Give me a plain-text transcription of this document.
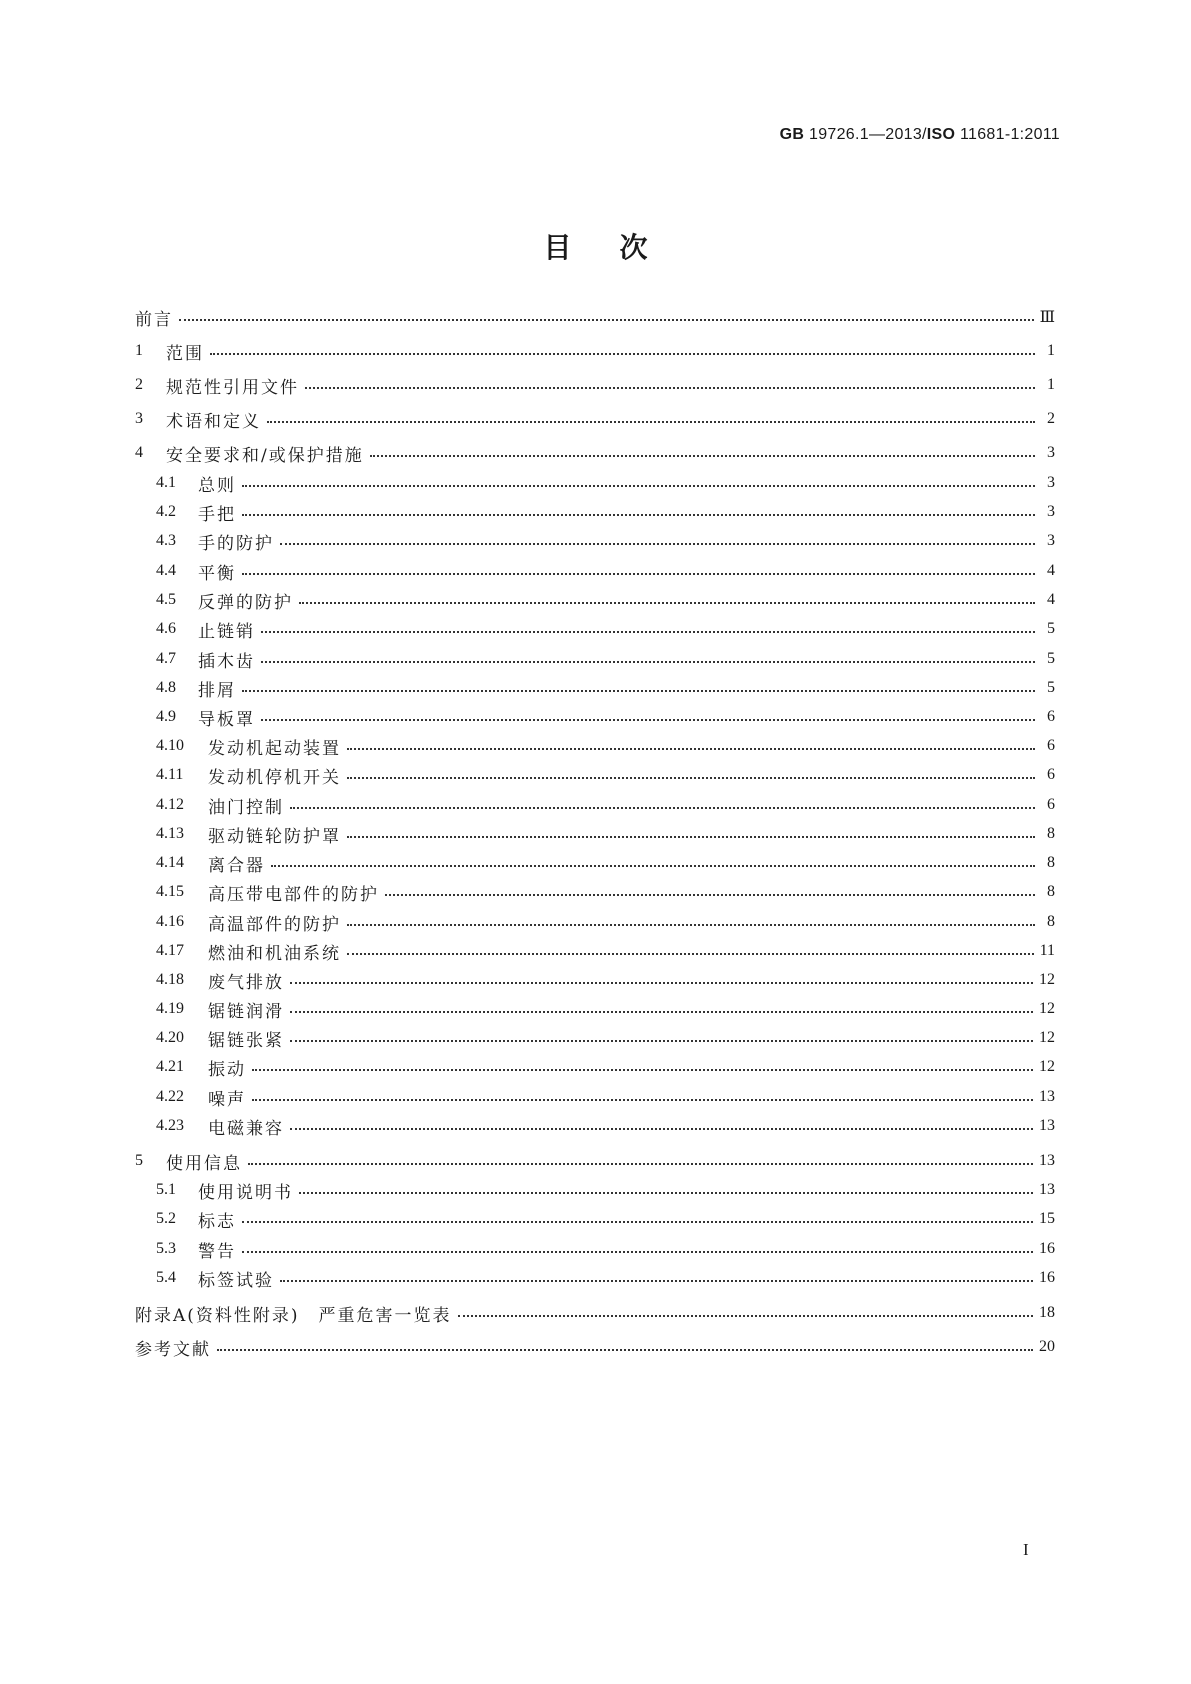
GB 19726.1—2013/ISO 11681-1:2011
目次
前言	Ⅲ
1	范围	1
2	规范性引用文件	1
3	术语和定义	2
4	安全要求和/或保护措施	3
4.1	总则	3
4.2	手把	3
4.3	手的防护	3
4.4	平衡	4
4.5	反弹的防护	4
4.6	止链销	5
4.7	插木齿	5
4.8	排屑	5
4.9	导板罩	6
4.10	发动机起动装置	6
4.11	发动机停机开关	6
4.12	油门控制	6
4.13	驱动链轮防护罩	8
4.14	离合器	8
4.15	高压带电部件的防护	8
4.16	高温部件的防护	8
4.17	燃油和机油系统	11
4.18	废气排放	12
4.19	锯链润滑	12
4.20	锯链张紧	12
4.21	振动	12
4.22	噪声	13
4.23	电磁兼容	13
5	使用信息	13
5.1	使用说明书	13
5.2	标志	15
5.3	警告	16
5.4	标签试验	16
附录A(资料性附录)　严重危害一览表	18
参考文献	20
I
